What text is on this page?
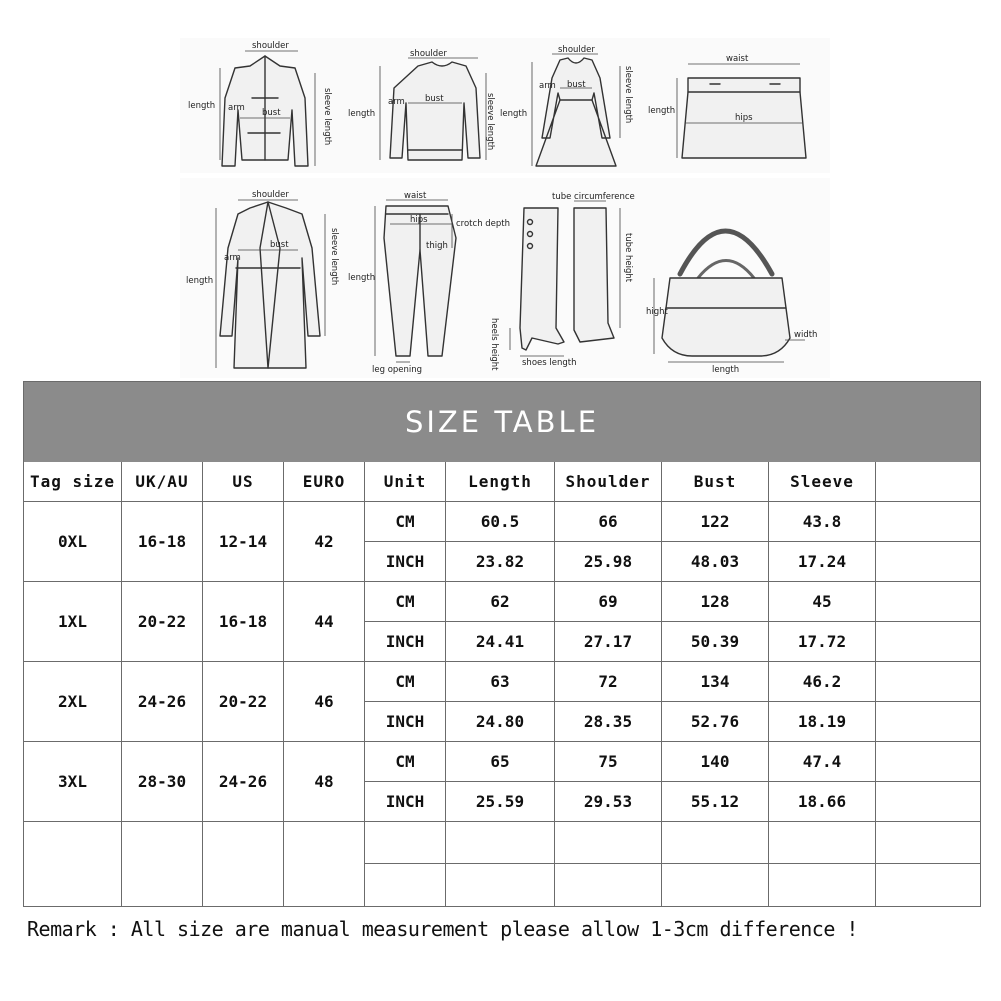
shoulder
length arm bust	sleeve length
shoulder
length
arm bust	sleeve length
shoulder
length
arm bust	sleeve length
waist
length
hips
shoulder
length
arm
bust	sleeve length
waist
hips	crotch depth
thigh
length
leg opening
tube circumference
tube height
heels height	shoes length
hight
width
length
SIZE TABLE
Tag size	UK/AU	US	EURO	Unit	Length	Shoulder	Bust	Sleeve
0XL	16-18	12-14	42
CM	60.5	66	122	43.8
INCH	23.82	25.98	48.03	17.24
1XL	20-22	16-18	44
CM	62	69	128	45
INCH	24.41	27.17	50.39	17.72
2XL	24-26	20-22	46
CM	63	72	134	46.2
INCH	24.80	28.35	52.76	18.19
3XL	28-30	24-26	48
CM	65	75	140	47.4
INCH	25.59	29.53	55.12	18.66
Remark : All size are manual measurement please allow 1-3cm difference !
